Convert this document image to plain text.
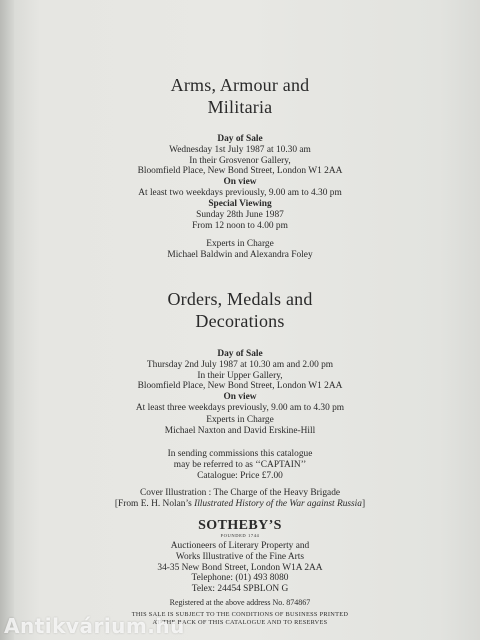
Arms, Armour and
Militaria
Day of Sale
Wednesday 1st July 1987 at 10.30 am
In their Grosvenor Gallery,
Bloomfield Place, New Bond Street, London W1 2AA
On view
At least two weekdays previously, 9.00 am to 4.30 pm
Special Viewing
Sunday 28th June 1987
From 12 noon to 4.00 pm
Experts in Charge
Michael Baldwin and Alexandra Foley
Orders, Medals and
Decorations
Day of Sale
Thursday 2nd July 1987 at 10.30 am and 2.00 pm
In their Upper Gallery,
Bloomfield Place, New Bond Street, London W1 2AA
On view
At least three weekdays previously, 9.00 am to 4.30 pm
Experts in Charge
Michael Naxton and David Erskine-Hill
In sending commissions this catalogue
may be referred to as ‘‘CAPTAIN’’
Catalogue: Price £7.00
Cover Illustration : The Charge of the Heavy Brigade
[From E. H. Nolan’s Illustrated History of the War against Russia]
SOTHEBY’S
FOUNDED 1744
Auctioneers of Literary Property and
Works Illustrative of the Fine Arts
34-35 New Bond Street, London W1A 2AA
Telephone: (01) 493 8080
Telex: 24454 SPBLON G
Registered at the above address No. 874867
THIS SALE IS SUBJECT TO THE CONDITIONS OF BUSINESS PRINTED
AT THE BACK OF THIS CATALOGUE AND TO RESERVES
Antikvárium.hu
